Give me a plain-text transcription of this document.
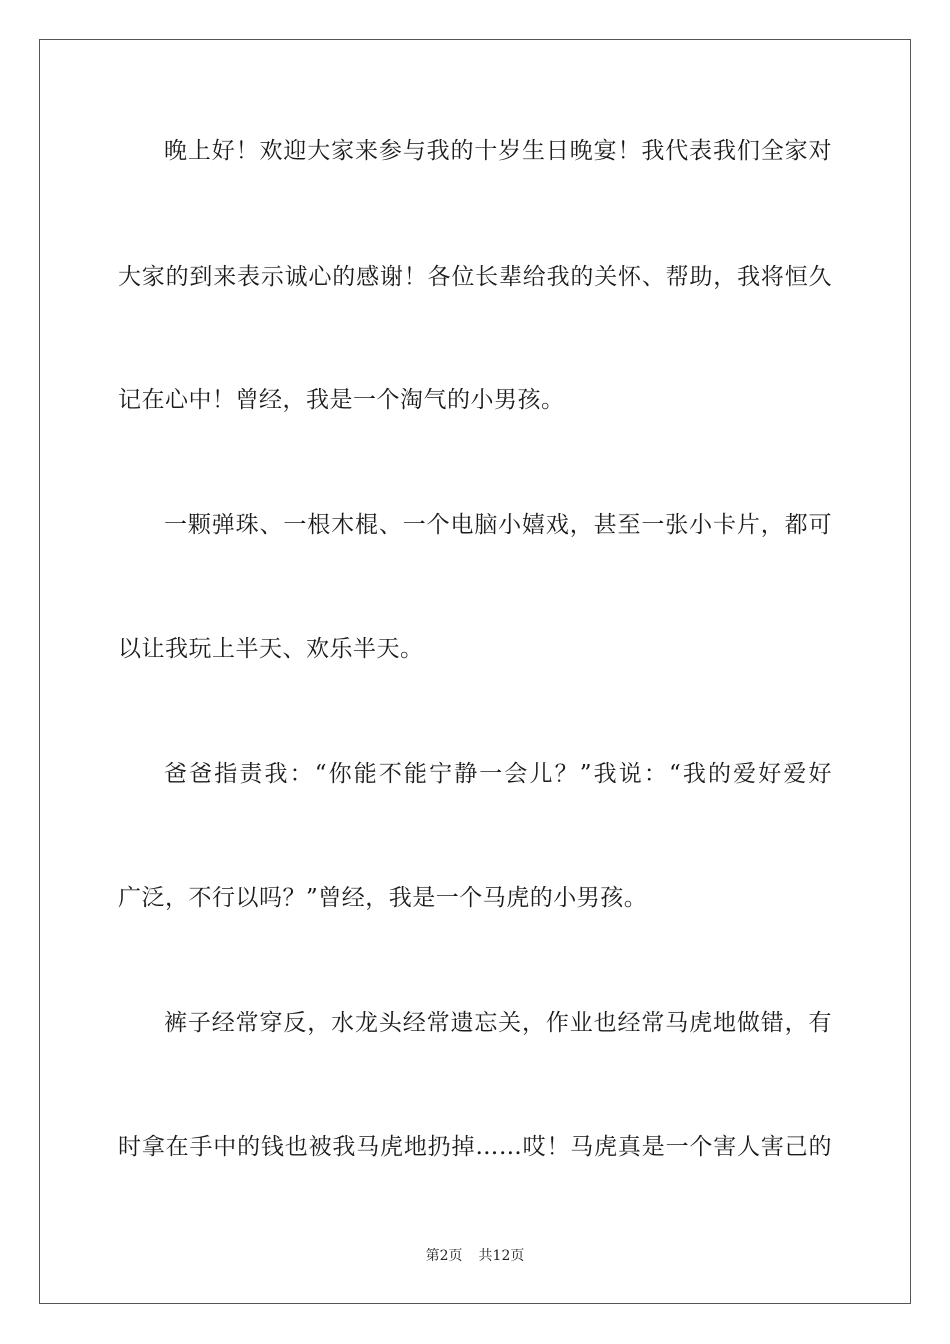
晚上好！欢迎大家来参与我的十岁生日晚宴！我代表我们全家对
大家的到来表示诚心的感谢！各位长辈给我的关怀、帮助，我将恒久
记在心中！曾经，我是一个淘气的小男孩。
一颗弹珠、一根木棍、一个电脑小嬉戏，甚至一张小卡片，都可
以让我玩上半天、欢乐半天。
爸爸指责我：“你能不能宁静一会儿？”我说：“我的爱好爱好
广泛，不行以吗？”曾经，我是一个马虎的小男孩。
裤子经常穿反，水龙头经常遗忘关，作业也经常马虎地做错，有
时拿在手中的钱也被我马虎地扔掉……哎！马虎真是一个害人害己的
第2页 共12页
